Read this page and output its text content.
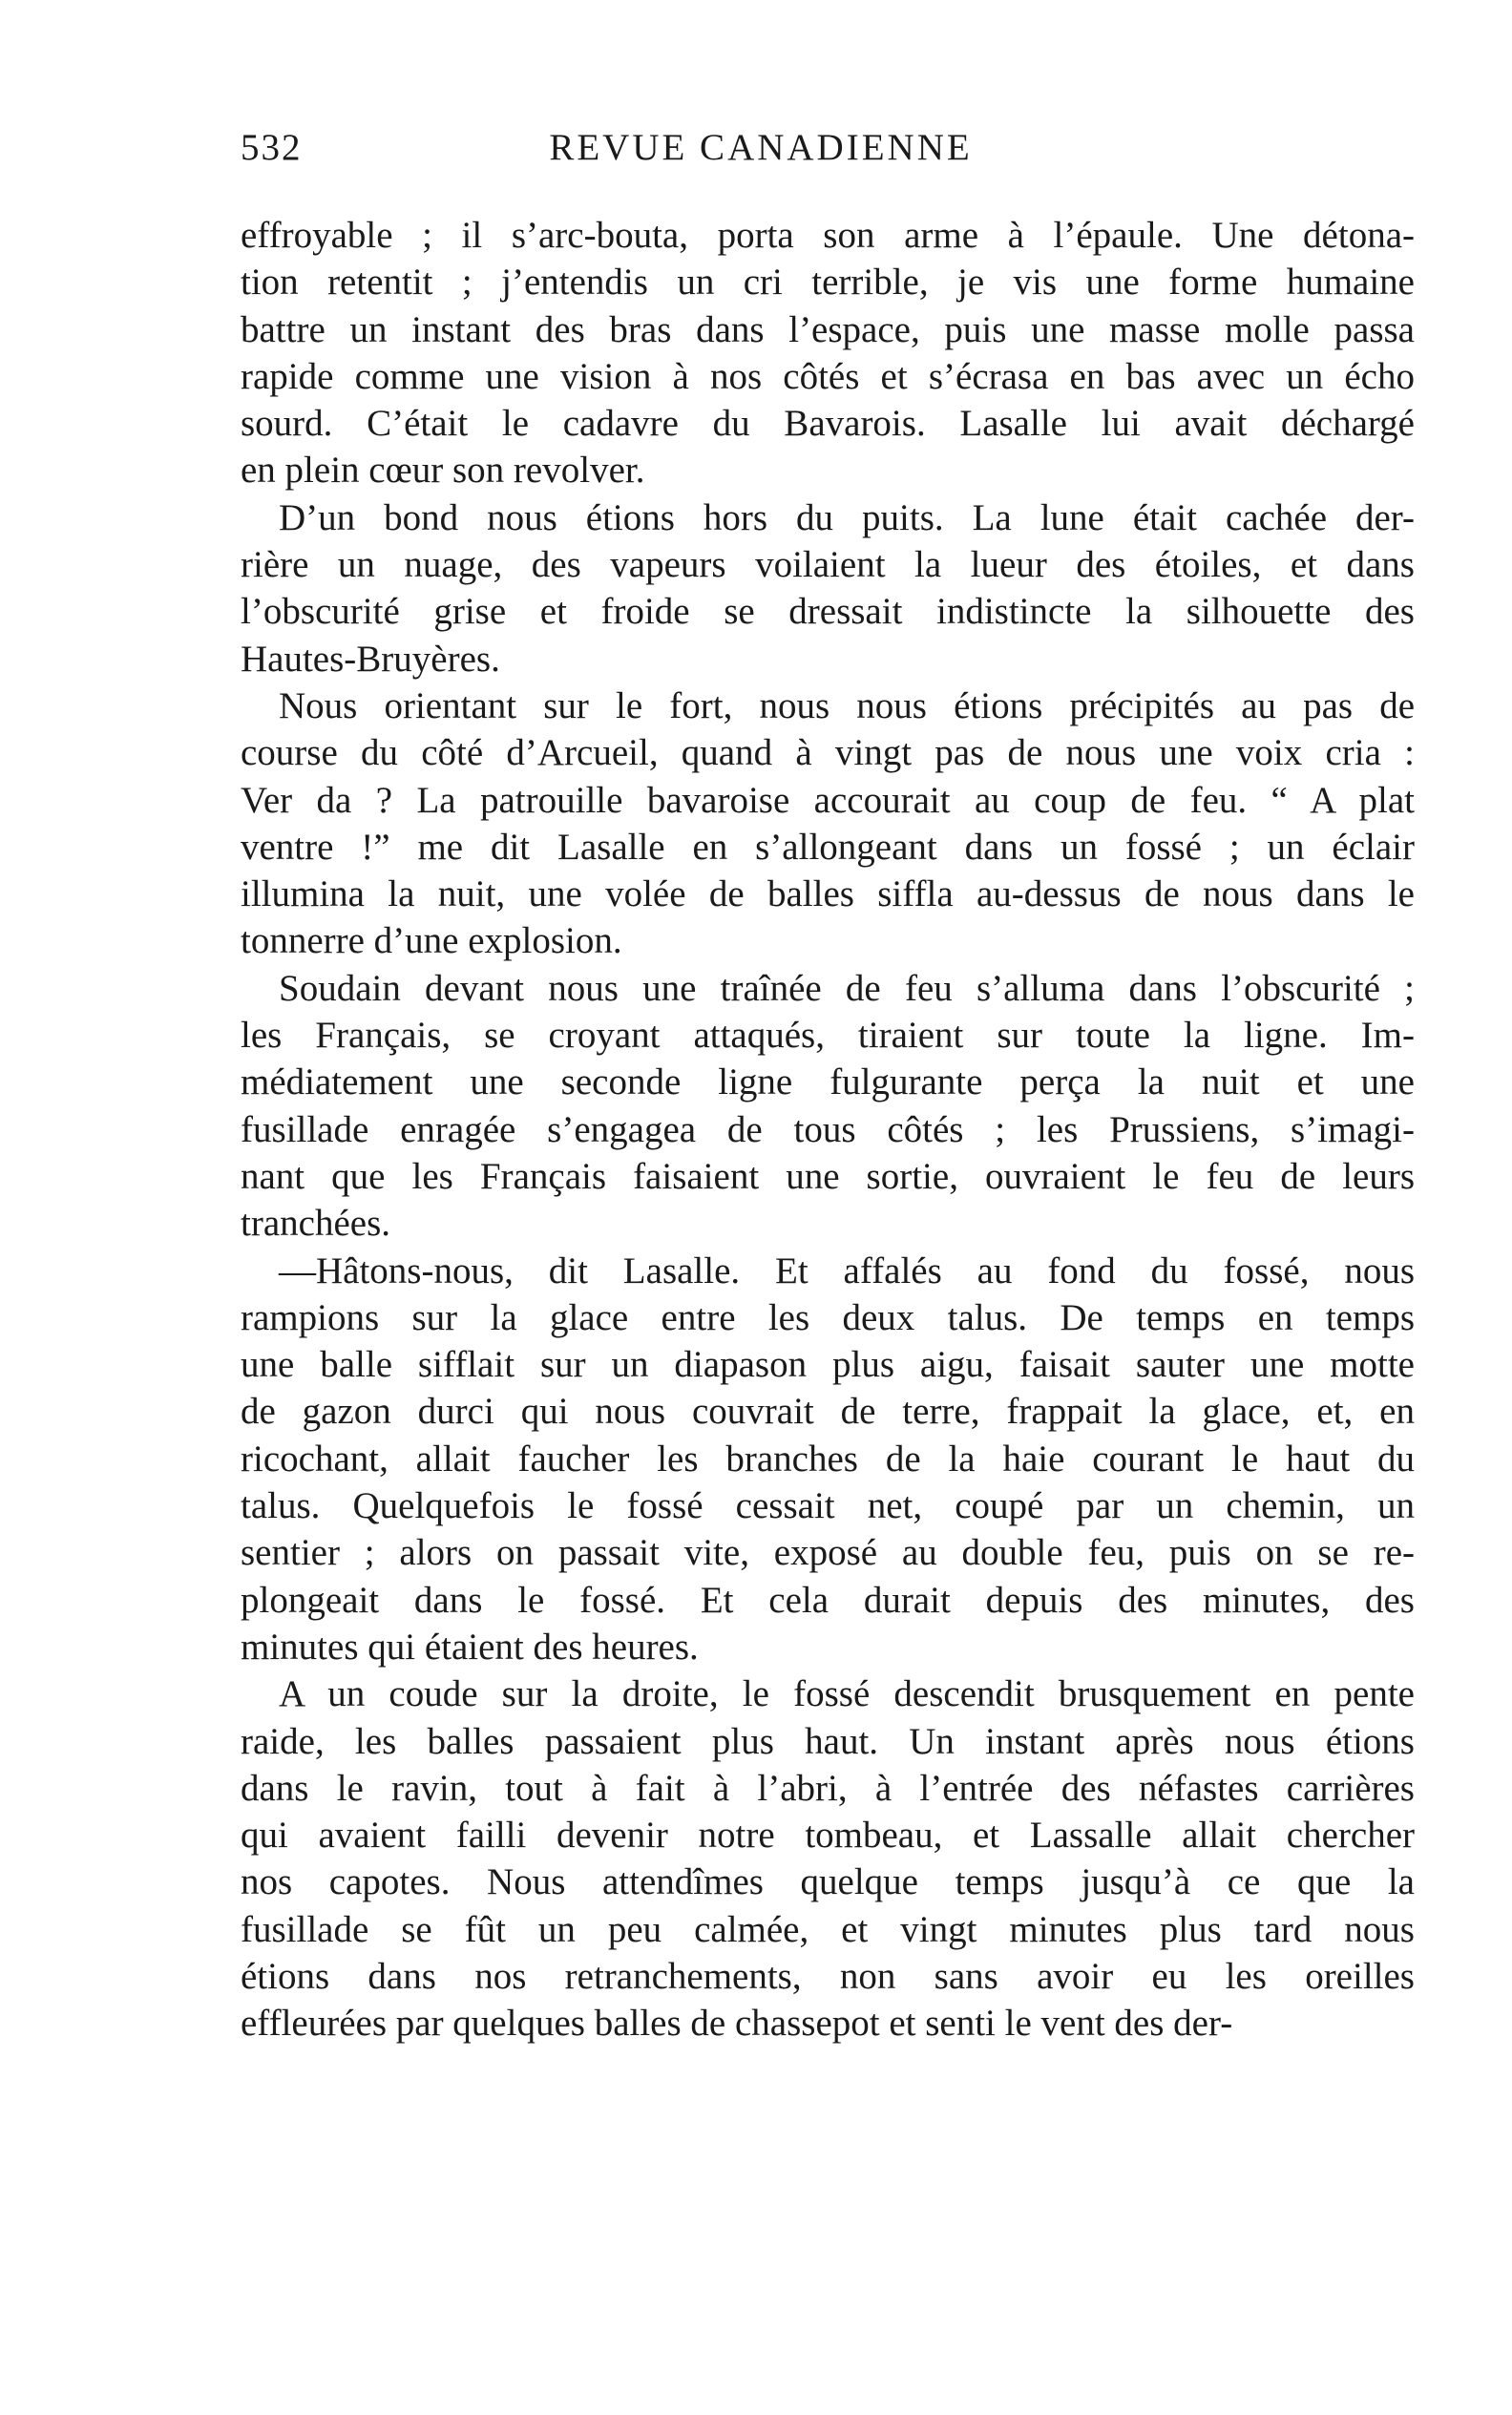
532	REVUE CANADIENNE
effroyable ; il s’arc-bouta, porta son arme à l’épaule. Une détona-
tion retentit ; j’entendis un cri terrible, je vis une forme humaine
battre un instant des bras dans l’espace, puis une masse molle passa
rapide comme une vision à nos côtés et s’écrasa en bas avec un écho
sourd. C’était le cadavre du Bavarois. Lasalle lui avait déchargé
en plein cœur son revolver.
D’un bond nous étions hors du puits. La lune était cachée der-
rière un nuage, des vapeurs voilaient la lueur des étoiles, et dans
l’obscurité grise et froide se dressait indistincte la silhouette des
Hautes-Bruyères.
Nous orientant sur le fort, nous nous étions précipités au pas de
course du côté d’Arcueil, quand à vingt pas de nous une voix cria :
Ver da ? La patrouille bavaroise accourait au coup de feu. “ A plat
ventre !” me dit Lasalle en s’allongeant dans un fossé ; un éclair
illumina la nuit, une volée de balles siffla au-dessus de nous dans le
tonnerre d’une explosion.
Soudain devant nous une traînée de feu s’alluma dans l’obscurité ;
les Français, se croyant attaqués, tiraient sur toute la ligne. Im-
médiatement une seconde ligne fulgurante perça la nuit et une
fusillade enragée s’engagea de tous côtés ; les Prussiens, s’imagi-
nant que les Français faisaient une sortie, ouvraient le feu de leurs
tranchées.
—Hâtons-nous, dit Lasalle. Et affalés au fond du fossé, nous
rampions sur la glace entre les deux talus. De temps en temps
une balle sifflait sur un diapason plus aigu, faisait sauter une motte
de gazon durci qui nous couvrait de terre, frappait la glace, et, en
ricochant, allait faucher les branches de la haie courant le haut du
talus. Quelquefois le fossé cessait net, coupé par un chemin, un
sentier ; alors on passait vite, exposé au double feu, puis on se re-
plongeait dans le fossé. Et cela durait depuis des minutes, des
minutes qui étaient des heures.
A un coude sur la droite, le fossé descendit brusquement en pente
raide, les balles passaient plus haut. Un instant après nous étions
dans le ravin, tout à fait à l’abri, à l’entrée des néfastes carrières
qui avaient failli devenir notre tombeau, et Lassalle allait chercher
nos capotes. Nous attendîmes quelque temps jusqu’à ce que la
fusillade se fût un peu calmée, et vingt minutes plus tard nous
étions dans nos retranchements, non sans avoir eu les oreilles
effleurées par quelques balles de chassepot et senti le vent des der-
